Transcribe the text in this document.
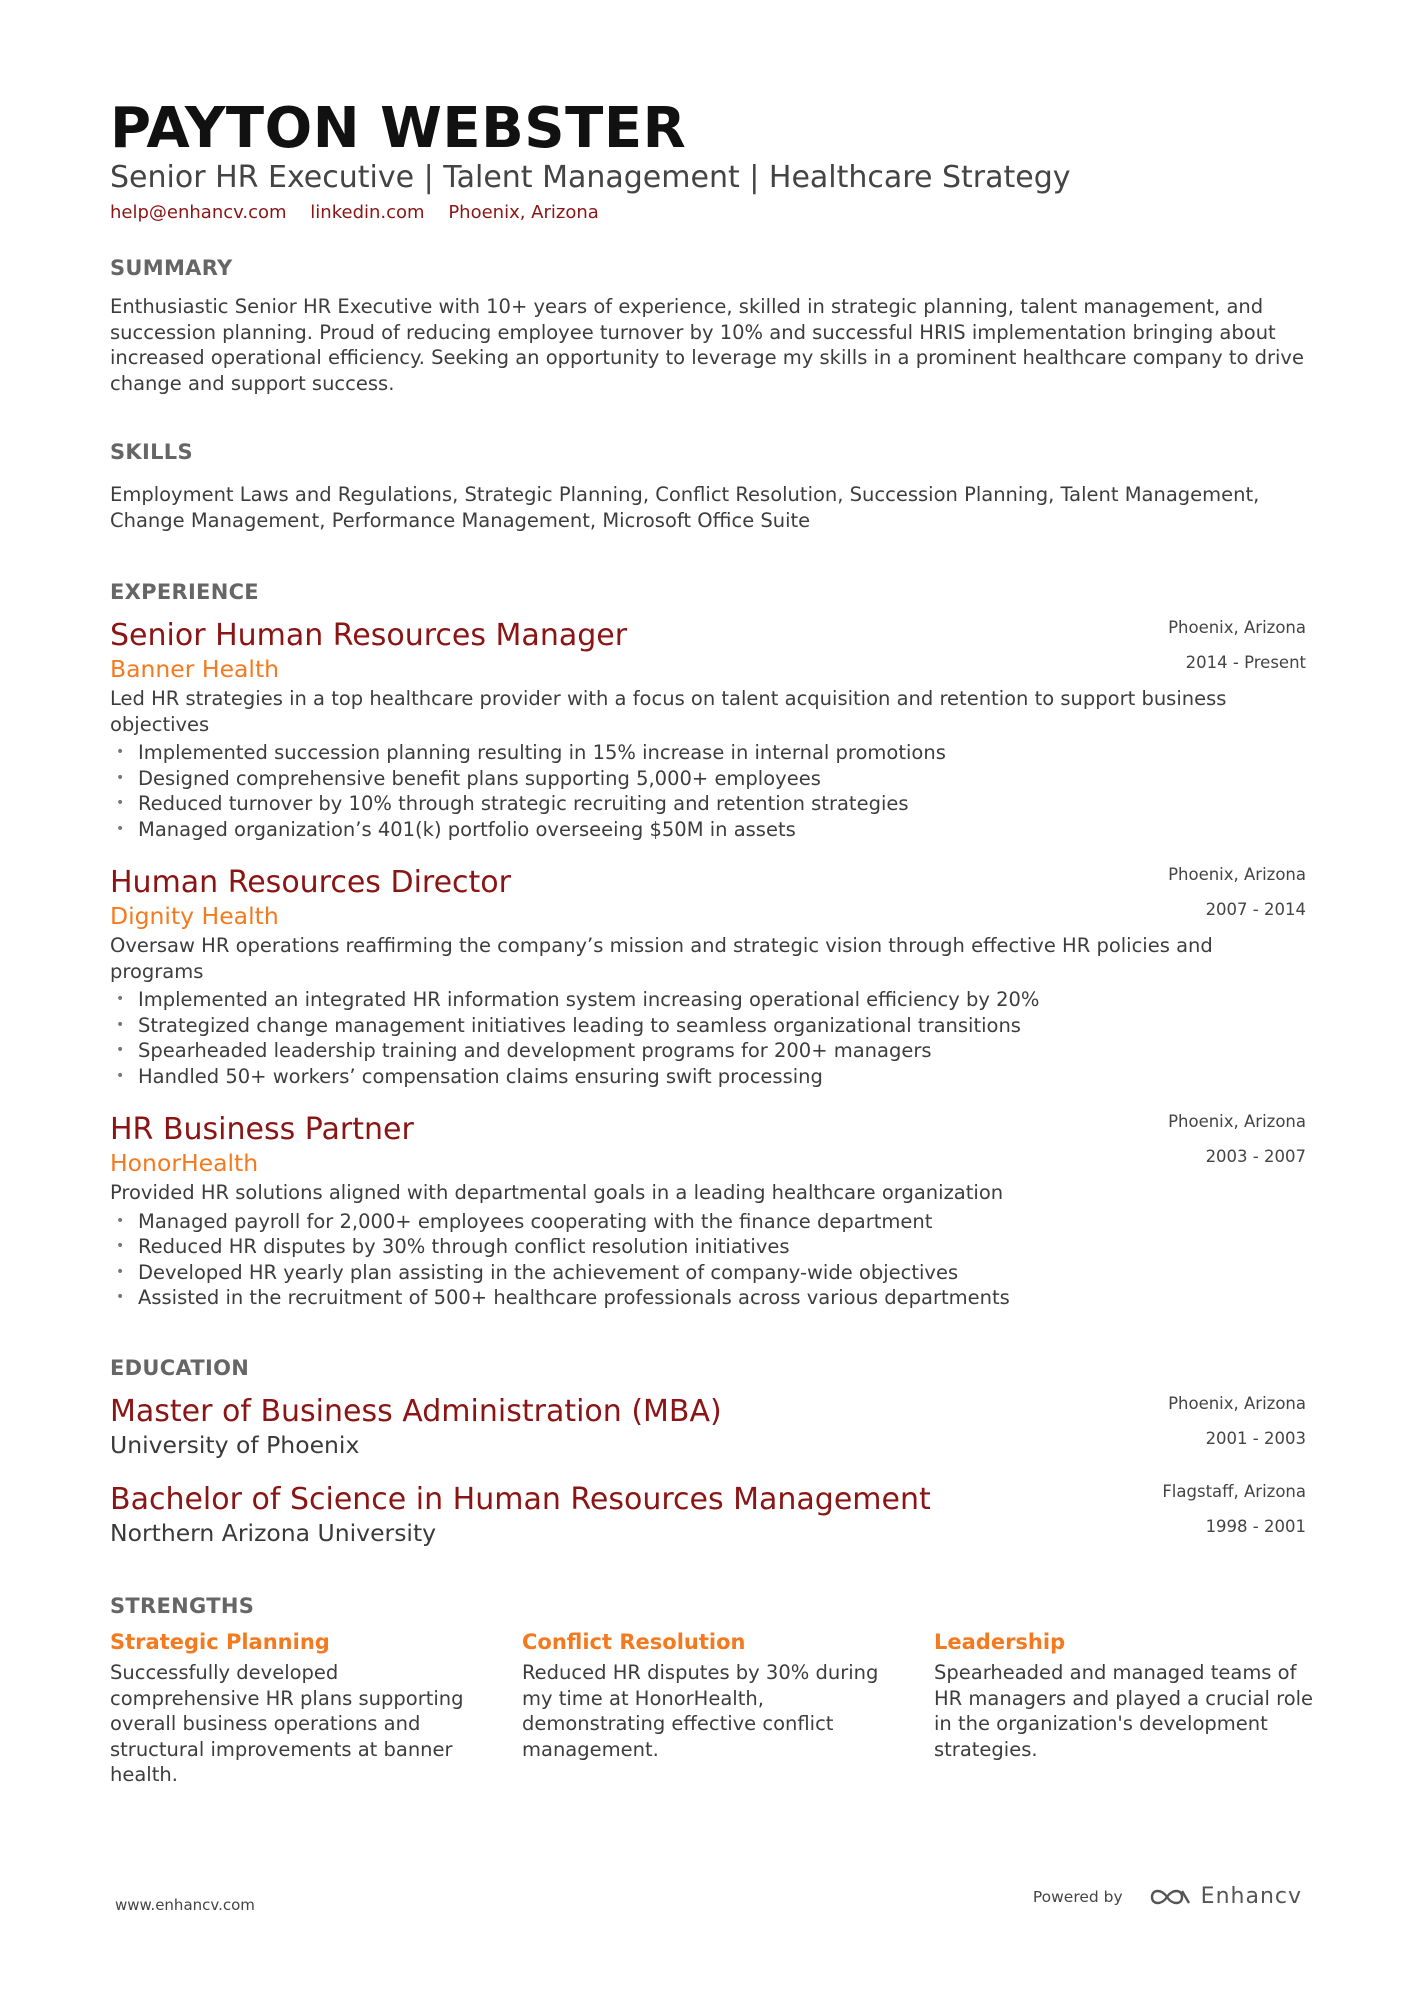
PAYTON WEBSTER
Senior HR Executive | Talent Management | Healthcare Strategy
help@enhancv.com linkedin.com Phoenix, Arizona
SUMMARY
Enthusiastic Senior HR Executive with 10+ years of experience, skilled in strategic planning, talent management, and succession planning. Proud of reducing employee turnover by 10% and successful HRIS implementation bringing about increased operational efficiency. Seeking an opportunity to leverage my skills in a prominent healthcare company to drive change and support success.
SKILLS
Employment Laws and Regulations, Strategic Planning, Conflict Resolution, Succession Planning, Talent Management, Change Management, Performance Management, Microsoft Office Suite
EXPERIENCE
Senior Human Resources Manager
Banner Health
Phoenix, Arizona
2014 - Present
Led HR strategies in a top healthcare provider with a focus on talent acquisition and retention to support business objectives
• Implemented succession planning resulting in 15% increase in internal promotions
• Designed comprehensive benefit plans supporting 5,000+ employees
• Reduced turnover by 10% through strategic recruiting and retention strategies
• Managed organization’s 401(k) portfolio overseeing $50M in assets
Human Resources Director
Dignity Health
Phoenix, Arizona
2007 - 2014
Oversaw HR operations reaffirming the company’s mission and strategic vision through effective HR policies and programs
• Implemented an integrated HR information system increasing operational efficiency by 20%
• Strategized change management initiatives leading to seamless organizational transitions
• Spearheaded leadership training and development programs for 200+ managers
• Handled 50+ workers’ compensation claims ensuring swift processing
HR Business Partner
HonorHealth
Phoenix, Arizona
2003 - 2007
Provided HR solutions aligned with departmental goals in a leading healthcare organization
• Managed payroll for 2,000+ employees cooperating with the finance department
• Reduced HR disputes by 30% through conflict resolution initiatives
• Developed HR yearly plan assisting in the achievement of company-wide objectives
• Assisted in the recruitment of 500+ healthcare professionals across various departments
EDUCATION
Master of Business Administration (MBA)
University of Phoenix
Phoenix, Arizona
2001 - 2003
Bachelor of Science in Human Resources Management
Northern Arizona University
Flagstaff, Arizona
1998 - 2001
STRENGTHS
Strategic Planning
Successfully developed comprehensive HR plans supporting overall business operations and structural improvements at banner health.
Conflict Resolution
Reduced HR disputes by 30% during my time at HonorHealth, demonstrating effective conflict management.
Leadership
Spearheaded and managed teams of HR managers and played a crucial role in the organization's development strategies.
www.enhancv.com	Powered by	Enhancv
